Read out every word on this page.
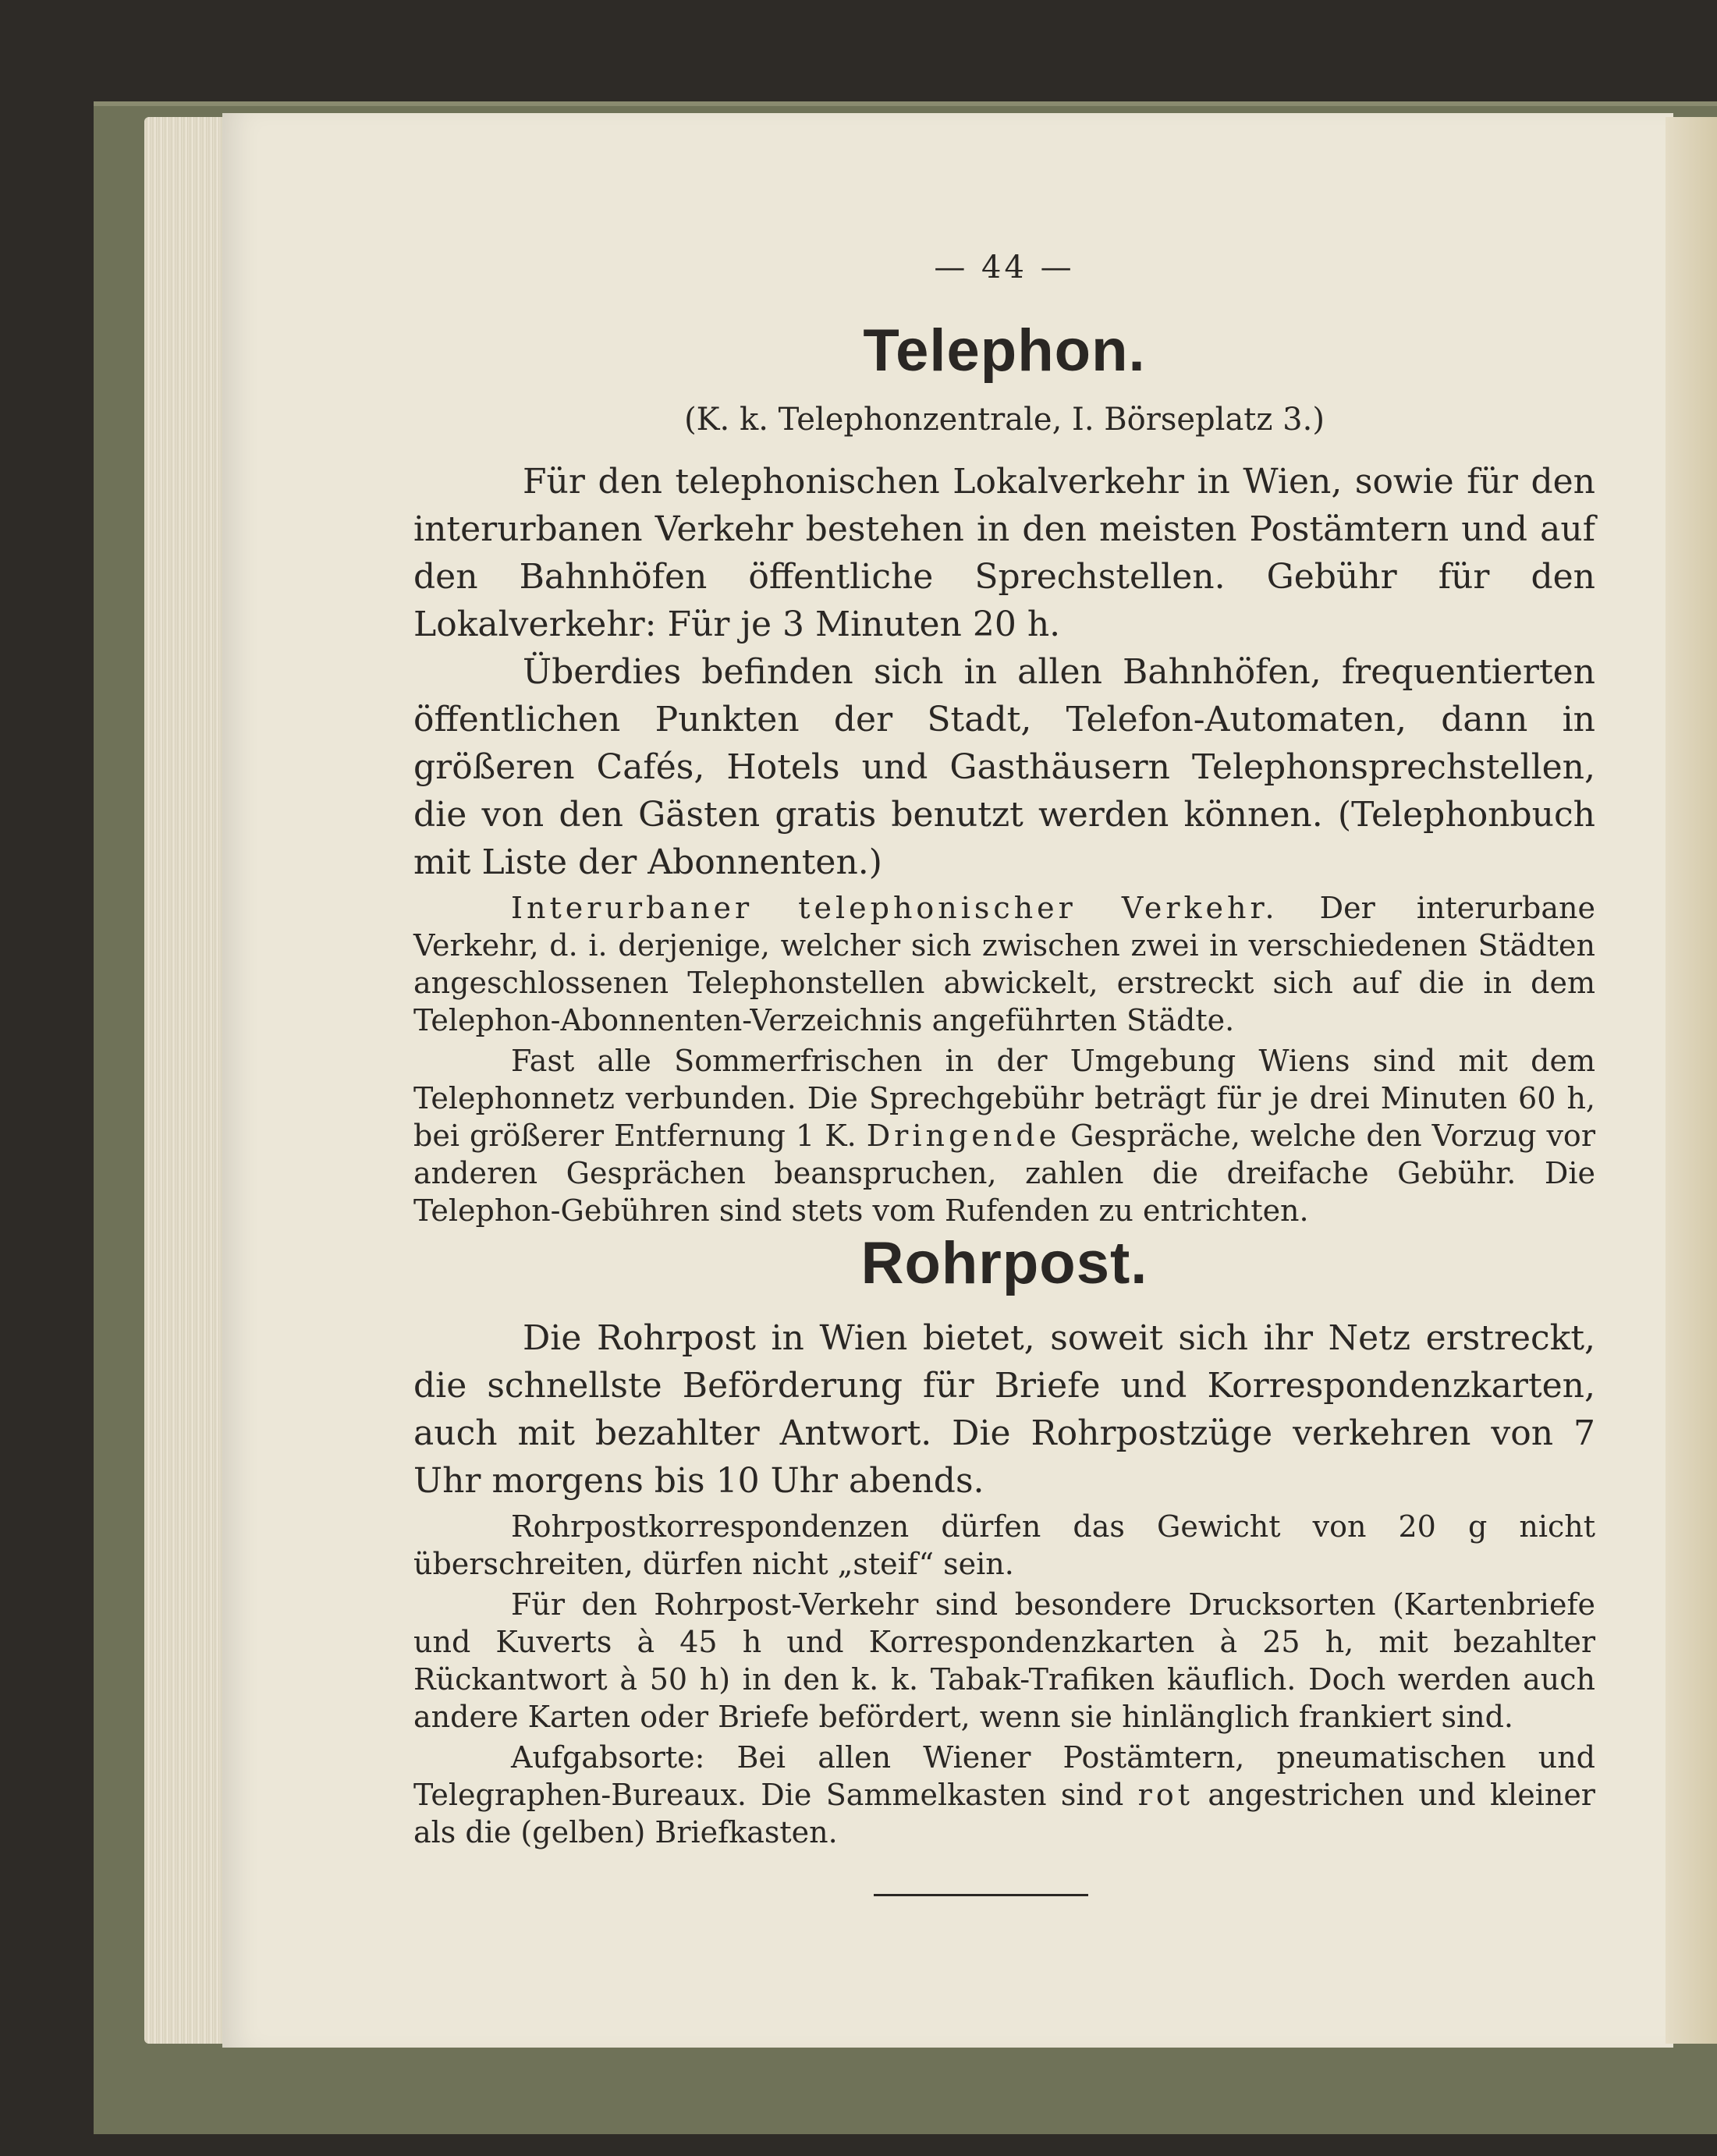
— 44 —
Telephon.
(K. k. Telephonzentrale, I. Börseplatz 3.)

Für den telephonischen Lokalverkehr in Wien, sowie für den interurbanen Verkehr bestehen in den meisten Postämtern und auf den Bahnhöfen öffentliche Sprechstellen. Gebühr für den Lokalverkehr: Für je 3 Minuten 20 h.

Überdies befinden sich in allen Bahnhöfen, frequentierten öffentlichen Punkten der Stadt, Telefon-Automaten, dann in größeren Cafés, Hotels und Gasthäusern Telephonsprechstellen, die von den Gästen gratis benutzt werden können. (Telephonbuch mit Liste der Abonnenten.)

Interurbaner telephonischer Verkehr. Der interurbane Verkehr, d. i. derjenige, welcher sich zwischen zwei in verschiedenen Städten angeschlossenen Telephonstellen abwickelt, erstreckt sich auf die in dem Telephon-Abonnenten-Verzeichnis angeführten Städte.

Fast alle Sommerfrischen in der Umgebung Wiens sind mit dem Telephonnetz verbunden. Die Sprechgebühr beträgt für je drei Minuten 60 h, bei größerer Entfernung 1 K. Dringende Gespräche, welche den Vorzug vor anderen Gesprächen beanspruchen, zahlen die dreifache Gebühr. Die Telephon-Gebühren sind stets vom Rufenden zu entrichten.

Rohrpost.

Die Rohrpost in Wien bietet, soweit sich ihr Netz erstreckt, die schnellste Beförderung für Briefe und Korrespondenzkarten, auch mit bezahlter Antwort. Die Rohrpostzüge verkehren von 7 Uhr morgens bis 10 Uhr abends.

Rohrpostkorrespondenzen dürfen das Gewicht von 20 g nicht überschreiten, dürfen nicht „steif“ sein.

Für den Rohrpost-Verkehr sind besondere Drucksorten (Kartenbriefe und Kuverts à 45 h und Korrespondenzkarten à 25 h, mit bezahlter Rückantwort à 50 h) in den k. k. Tabak-Trafiken käuflich. Doch werden auch andere Karten oder Briefe befördert, wenn sie hinlänglich frankiert sind.

Aufgabsorte: Bei allen Wiener Postämtern, pneumatischen und Telegraphen-Bureaux. Die Sammelkasten sind rot angestrichen und kleiner als die (gelben) Briefkasten.
